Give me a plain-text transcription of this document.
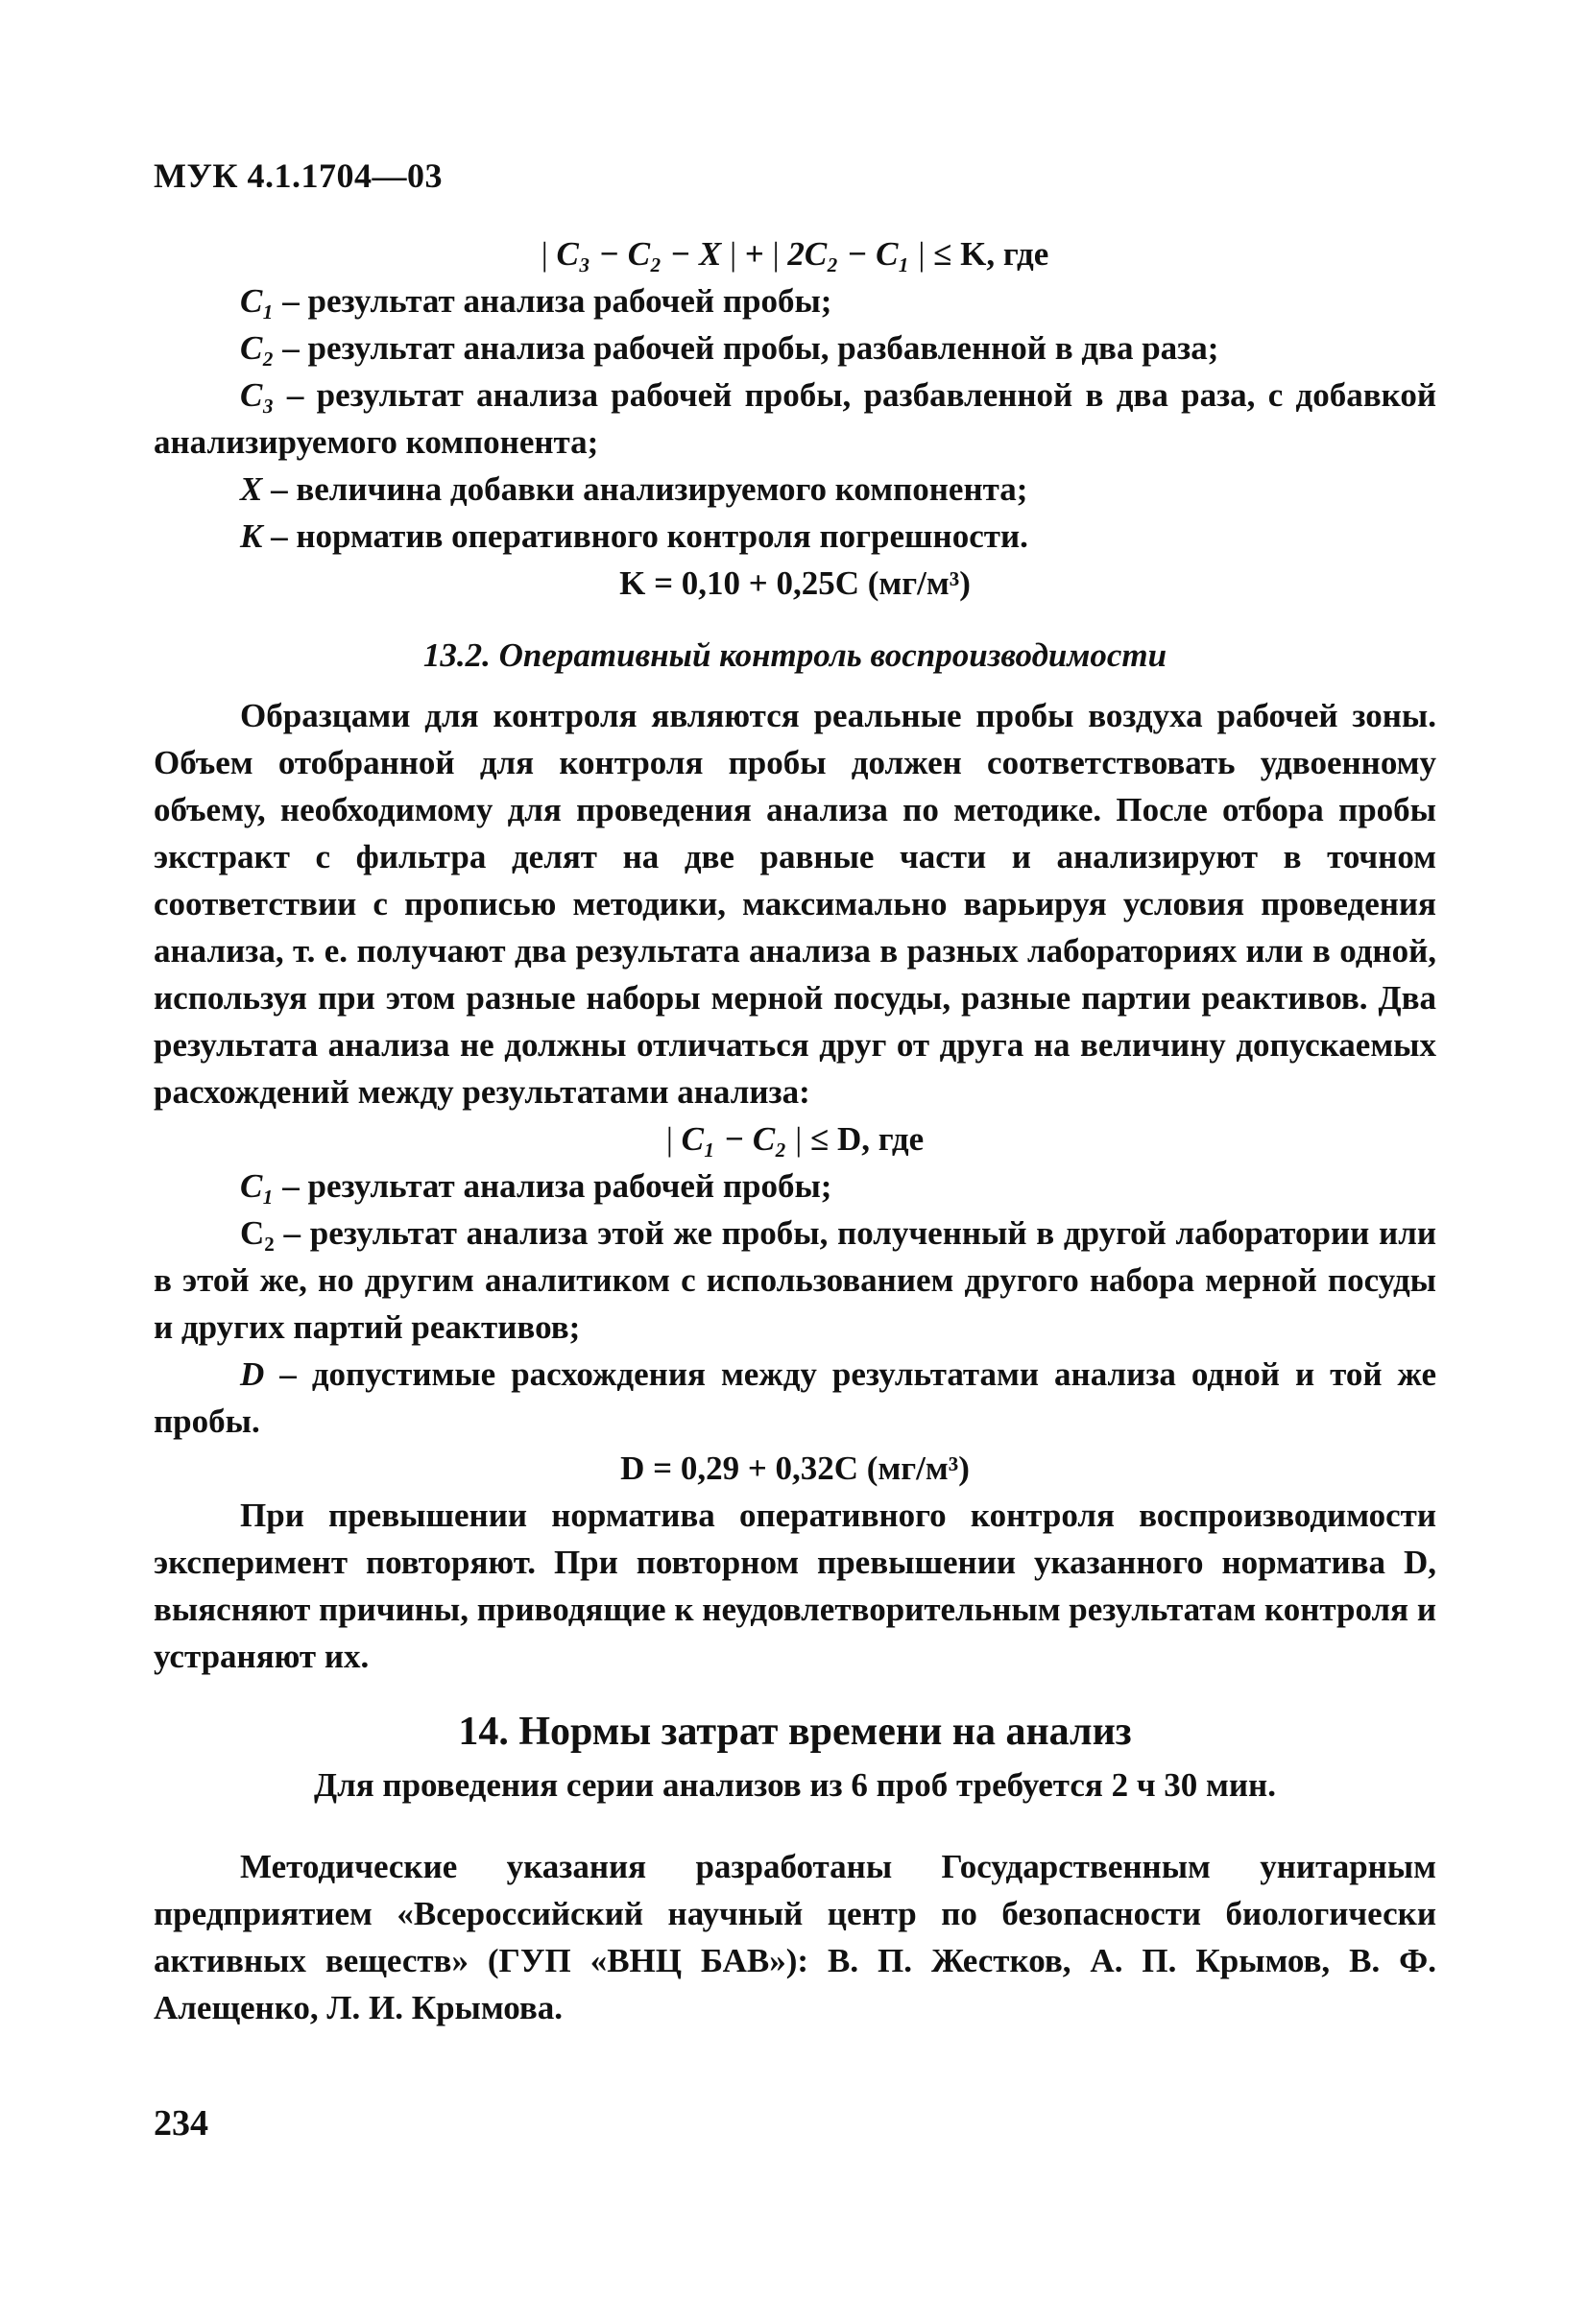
МУК 4.1.1704—03
| C₃ − C₂ − X | + | 2C₂ − C₁ | ≤ K, где
C₁ – результат анализа рабочей пробы;
C₂ – результат анализа рабочей пробы, разбавленной в два раза;
C₃ – результат анализа рабочей пробы, разбавленной в два раза, с добавкой анализируемого компонента;
X – величина добавки анализируемого компонента;
K – норматив оперативного контроля погрешности.
K = 0,10 + 0,25C (мг/м³)
13.2. Оперативный контроль воспроизводимости
Образцами для контроля являются реальные пробы воздуха рабочей зоны. Объем отобранной для контроля пробы должен соответствовать удвоенному объему, необходимому для проведения анализа по методике. После отбора пробы экстракт с фильтра делят на две равные части и анализируют в точном соответствии с прописью методики, максимально варьируя условия проведения анализа, т. е. получают два результата анализа в разных лабораториях или в одной, используя при этом разные наборы мерной посуды, разные партии реактивов. Два результата анализа не должны отличаться друг от друга на величину допускаемых расхождений между результатами анализа:
| C₁ − C₂ | ≤ D, где
C₁ – результат анализа рабочей пробы;
C₂ – результат анализа этой же пробы, полученный в другой лаборатории или в этой же, но другим аналитиком с использованием другого набора мерной посуды и других партий реактивов;
D – допустимые расхождения между результатами анализа одной и той же пробы.
D = 0,29 + 0,32C (мг/м³)
При превышении норматива оперативного контроля воспроизводимости эксперимент повторяют. При повторном превышении указанного норматива D, выясняют причины, приводящие к неудовлетворительным результатам контроля и устраняют их.
14. Нормы затрат времени на анализ
Для проведения серии анализов из 6 проб требуется 2 ч 30 мин.
Методические указания разработаны Государственным унитарным предприятием «Всероссийский научный центр по безопасности биологически активных веществ» (ГУП «ВНЦ БАВ»): В. П. Жестков, А. П. Крымов, В. Ф. Алещенко, Л. И. Крымова.
234
